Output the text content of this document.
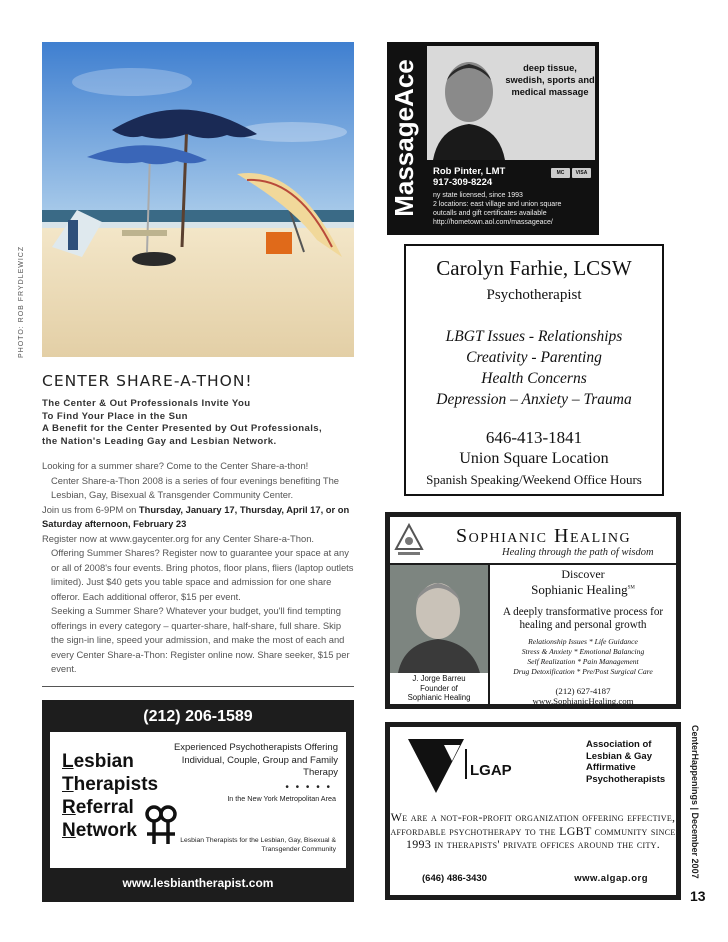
PHOTO: ROB FRYDLEWICZ
CENTER SHARE-A-THON!
The Center & Out Professionals Invite You
To Find Your Place in the Sun
A Benefit for the Center Presented by Out Professionals,
the Nation's Leading Gay and Lesbian Network.

Looking for a summer share? Come to the Center Share-a-thon!

Center Share-a-Thon 2008 is a series of four evenings benefiting The Lesbian, Gay, Bisexual & Transgender Community Center.

Join us from 6-9PM on Thursday, January 17, Thursday, April 17, or on Saturday afternoon, February 23

Register now at www.gaycenter.org for any Center Share-a-Thon.

Offering Summer Shares? Register now to guarantee your space at any or all of 2008's four events. Bring photos, floor plans, fliers (laptop outlets limited). Just $40 gets you table space and admission for one share offeror. Each additional offeror, $15 per event.

Seeking a Summer Share? Whatever your budget, you'll find tempting offerings in every category – quarter-share, half-share, full share. Skip the sign-in line, speed your admission, and make the most of each and every Center Share-a-Thon: Register online now. Share seeker, $15 per event.

(212) 206-1589
Lesbian
Therapists
Referral
Network
Experienced Psychotherapists Offering Individual, Couple, Group and Family Therapy
• • • • •
In the New York Metropolitan Area
Lesbian Therapists for the Lesbian, Gay, Bisexual & Transgender Community
www.lesbiantherapist.com
MassageAce	deep tissue, swedish, sports and medical massage
MC	VISA
Rob Pinter, LMT
917-309-8224
ny state licensed, since 1993
2 locations: east village and union square
outcalls and gift certificates available
http://hometown.aol.com/massageace/
Carolyn Farhie, LCSW
Psychotherapist
LBGT Issues - Relationships
Creativity - Parenting
Health Concerns
Depression – Anxiety – Trauma
646-413-1841
Union Square Location
Spanish Speaking/Weekend Office Hours
Sophianic Healing
Healing through the path of wisdom
J. Jorge Barreu
Founder of
Sophianic Healing
Discover
Sophianic Healing℠
A deeply transformative process for healing and personal growth
Relationship Issues * Life Guidance
Stress & Anxiety * Emotional Balancing
Self Realization * Pain Management
Drug Detoxification * Pre/Post Surgical Care
(212) 627-4187
www.SophianicHealing.com
LGAP
Association of
Lesbian & Gay
Affirmative
Psychotherapists
We are a not-for-profit organization offering effective, affordable psychotherapy to the LGBT community since 1993 in therapists' private offices around the city.
(646) 486-3430	www.algap.org	CenterHappenings | December 2007
13
